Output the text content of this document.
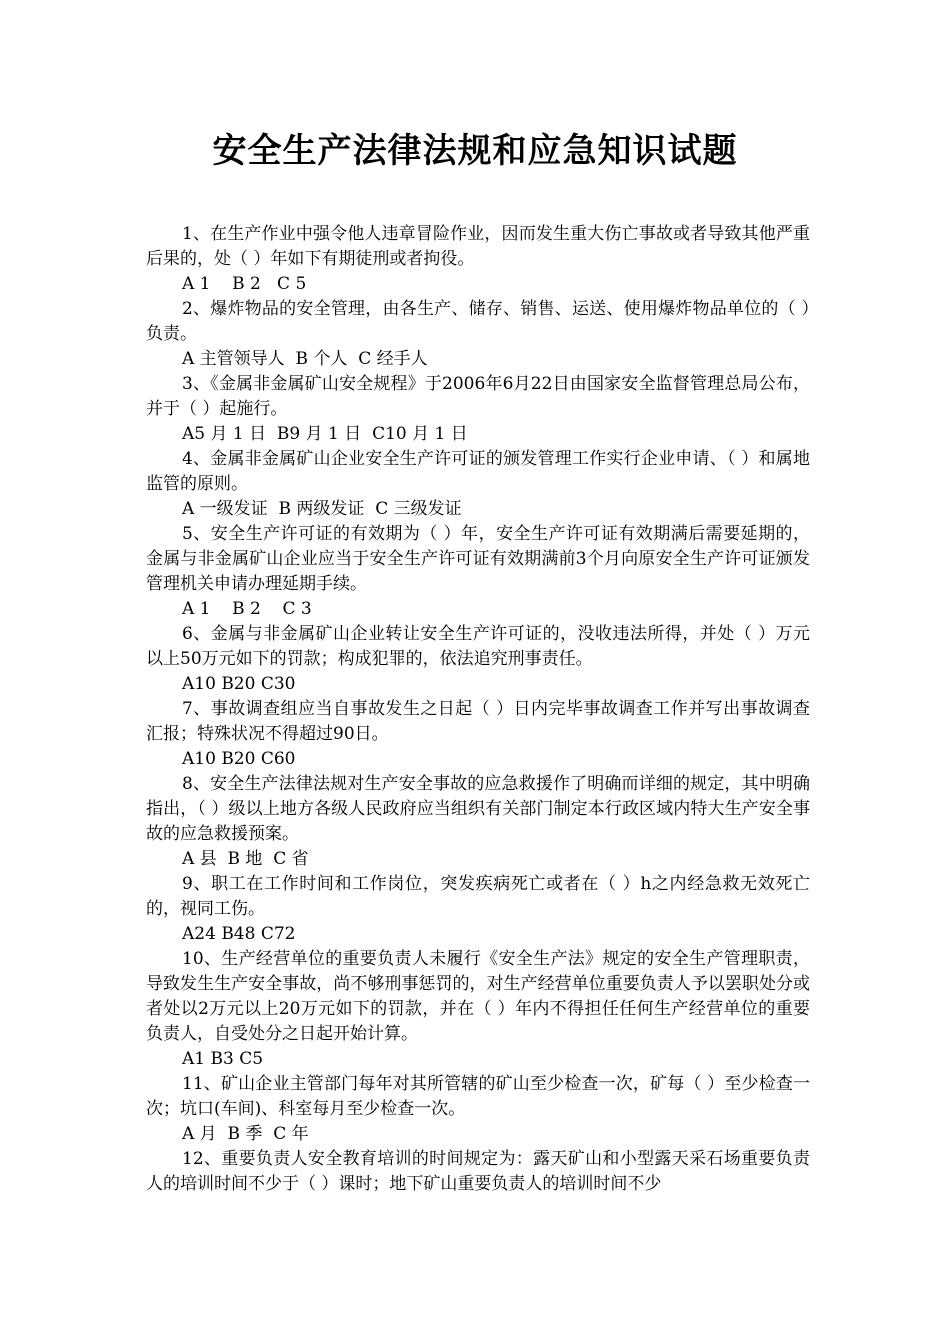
安全生产法律法规和应急知识试题

1、在生产作业中强令他人违章冒险作业，因而发生重大伤亡事故或者导致其他严重后果的，处（ ）年如下有期徒刑或者拘役。

A 1    B 2   C 5

2、爆炸物品的安全管理，由各生产、储存、销售、运送、使用爆炸物品单位的（ ）负责。

A 主管领导人  B 个人  C 经手人

3、《金属非金属矿山安全规程》于2006年6月22日由国家安全监督管理总局公布，并于（ ）起施行。

A5 月 1 日  B9 月 1 日  C10 月 1 日

4、金属非金属矿山企业安全生产许可证的颁发管理工作实行企业申请、（ ）和属地监管的原则。

A 一级发证  B 两级发证  C 三级发证

5、安全生产许可证的有效期为（ ）年，安全生产许可证有效期满后需要延期的，金属与非金属矿山企业应当于安全生产许可证有效期满前3个月向原安全生产许可证颁发管理机关申请办理延期手续。

A 1    B 2    C 3

6、金属与非金属矿山企业转让安全生产许可证的，没收违法所得，并处（ ）万元以上50万元如下的罚款；构成犯罪的，依法追究刑事责任。

A10 B20 C30

7、事故调查组应当自事故发生之日起（ ）日内完毕事故调查工作并写出事故调查汇报；特殊状况不得超过90日。

A10 B20 C60

8、安全生产法律法规对生产安全事故的应急救援作了明确而详细的规定，其中明确指出，（ ）级以上地方各级人民政府应当组织有关部门制定本行政区域内特大生产安全事故的应急救援预案。

A 县  B 地  C 省

9、职工在工作时间和工作岗位，突发疾病死亡或者在（ ）h之内经急救无效死亡的，视同工伤。

A24 B48 C72

10、生产经营单位的重要负责人未履行《安全生产法》规定的安全生产管理职责，导致发生生产安全事故，尚不够刑事惩罚的，对生产经营单位重要负责人予以罢职处分或者处以2万元以上20万元如下的罚款，并在（ ）年内不得担任任何生产经营单位的重要负责人，自受处分之日起开始计算。

A1 B3 C5

11、矿山企业主管部门每年对其所管辖的矿山至少检查一次，矿每（ ）至少检查一次；坑口(车间)、科室每月至少检查一次。

A 月  B 季  C 年

12、重要负责人安全教育培训的时间规定为：露天矿山和小型露天采石场重要负责人的培训时间不少于（ ）课时；地下矿山重要负责人的培训时间不少
